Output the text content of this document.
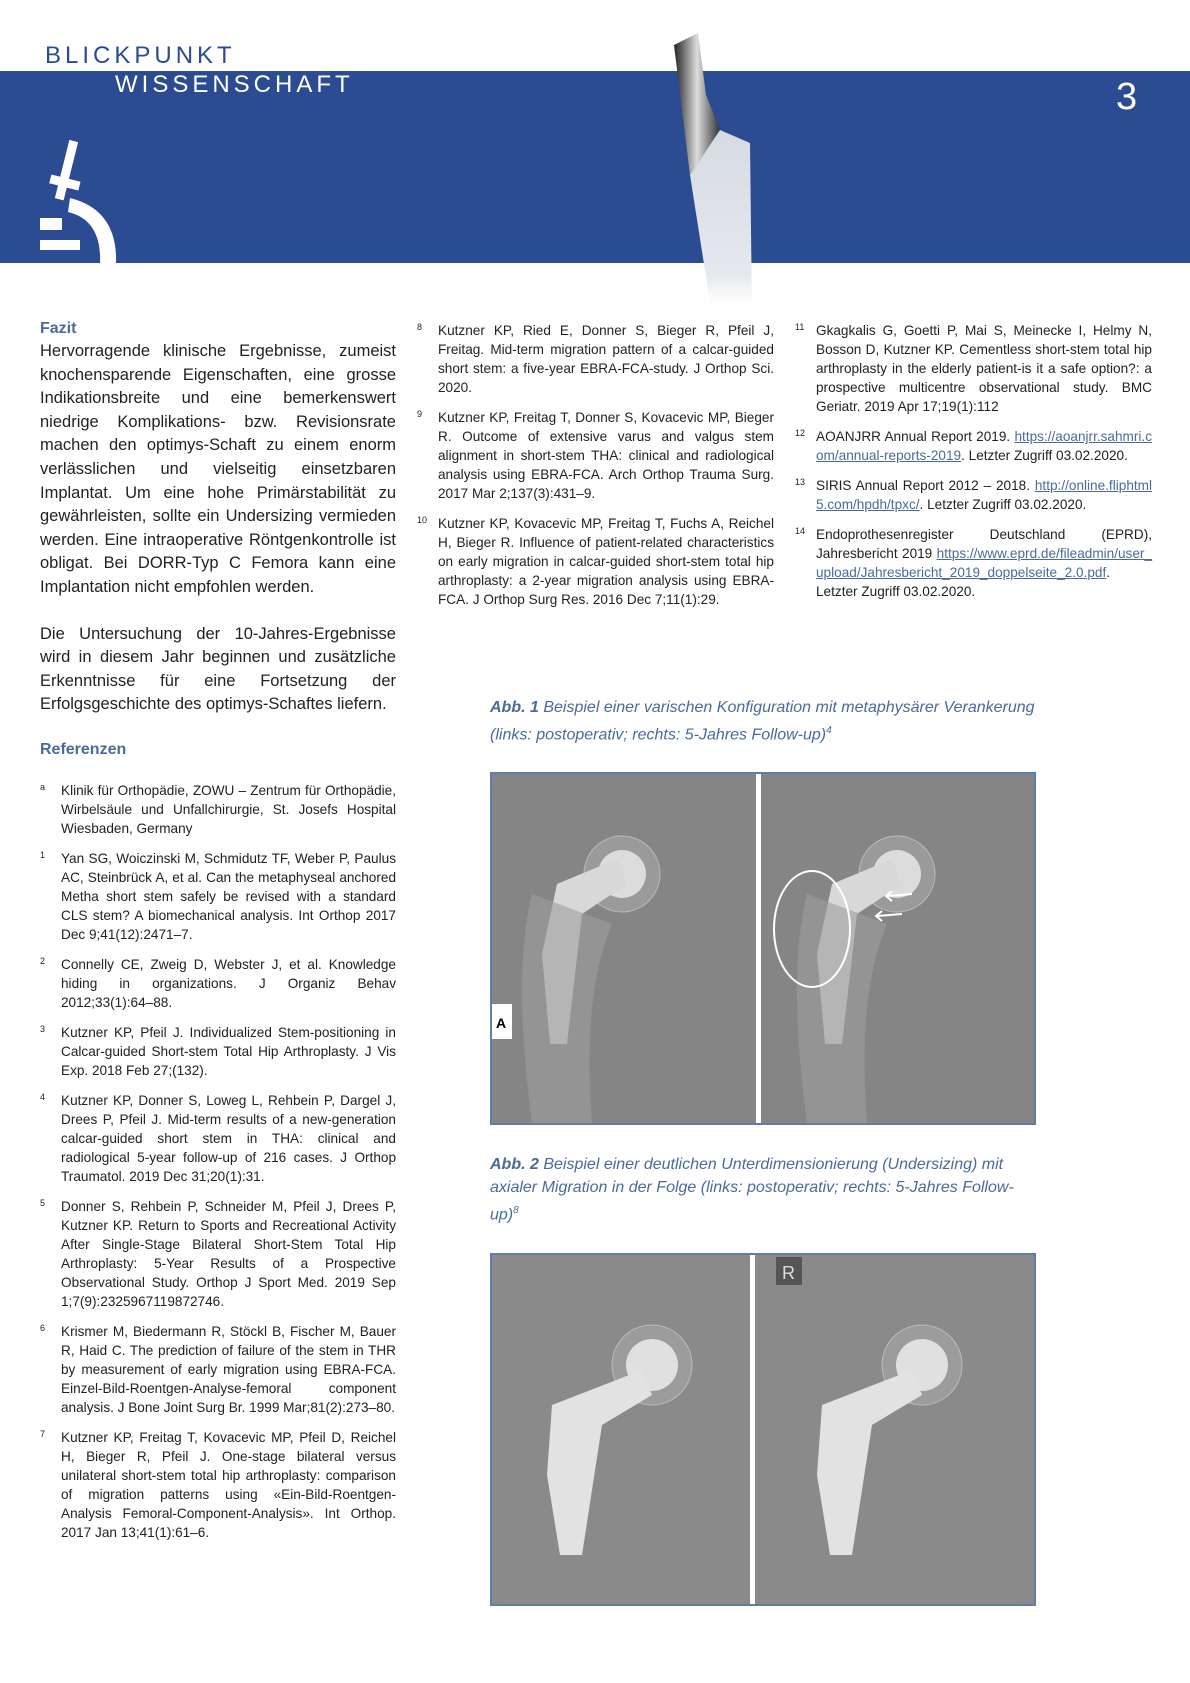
BLICKPUNKT
WISSENSCHAFT	3
Fazit

Hervorragende klinische Ergebnisse, zumeist knochensparende Eigenschaften, eine grosse Indikationsbreite und eine bemerkenswert niedrige Komplikations- bzw. Revisionsrate machen den optimys-Schaft zu einem enorm verlässlichen und vielseitig einsetzbaren Implantat. Um eine hohe Primärstabilität zu gewährleisten, sollte ein Undersizing vermieden werden. Eine intraoperative Röntgenkontrolle ist obligat. Bei DORR-Typ C Femora kann eine Implantation nicht empfohlen werden.

Die Untersuchung der 10-Jahres-Ergebnisse wird in diesem Jahr beginnen und zusätzliche Erkenntnisse für eine Fortsetzung der Erfolgsgeschichte des optimys-Schaftes liefern.

Referenzen
a Klinik für Orthopädie, ZOWU – Zentrum für Orthopädie, Wirbelsäule und Unfallchirurgie, St. Josefs Hospital Wiesbaden, Germany
1 Yan SG, Woiczinski M, Schmidutz TF, Weber P, Paulus AC, Steinbrück A, et al. Can the metaphyseal anchored Metha short stem safely be revised with a standard CLS stem? A biomechanical analysis. Int Orthop 2017 Dec 9;41(12):2471–7.
2 Connelly CE, Zweig D, Webster J, et al. Knowledge hiding in organizations. J Organiz Behav 2012;33(1):64–88.
3 Kutzner KP, Pfeil J. Individualized Stem-positioning in Calcar-guided Short-stem Total Hip Arthroplasty. J Vis Exp. 2018 Feb 27;(132).
4 Kutzner KP, Donner S, Loweg L, Rehbein P, Dargel J, Drees P, Pfeil J. Mid-term results of a new-generation calcar-guided short stem in THA: clinical and radiological 5-year follow-up of 216 cases. J Orthop Traumatol. 2019 Dec 31;20(1):31.
5 Donner S, Rehbein P, Schneider M, Pfeil J, Drees P, Kutzner KP. Return to Sports and Recreational Activity After Single-Stage Bilateral Short-Stem Total Hip Arthroplasty: 5-Year Results of a Prospective Observational Study. Orthop J Sport Med. 2019 Sep 1;7(9):2325967119872746.
6 Krismer M, Biedermann R, Stöckl B, Fischer M, Bauer R, Haid C. The prediction of failure of the stem in THR by measurement of early migration using EBRA-FCA. Einzel-Bild-Roentgen-Analyse-femoral component analysis. J Bone Joint Surg Br. 1999 Mar;81(2):273–80.
7 Kutzner KP, Freitag T, Kovacevic MP, Pfeil D, Reichel H, Bieger R, Pfeil J. One-stage bilateral versus unilateral short-stem total hip arthroplasty: comparison of migration patterns using «Ein-Bild-Roentgen-Analysis Femoral-Component-Analysis». Int Orthop. 2017 Jan 13;41(1):61–6.
8 Kutzner KP, Ried E, Donner S, Bieger R, Pfeil J, Freitag. Mid-term migration pattern of a calcar-guided short stem: a five-year EBRA-FCA-study. J Orthop Sci. 2020.
9 Kutzner KP, Freitag T, Donner S, Kovacevic MP, Bieger R. Outcome of extensive varus and valgus stem alignment in short-stem THA: clinical and radiological analysis using EBRA-FCA. Arch Orthop Trauma Surg. 2017 Mar 2;137(3):431–9.
10 Kutzner KP, Kovacevic MP, Freitag T, Fuchs A, Reichel H, Bieger R. Influence of patient-related characteristics on early migration in calcar-guided short-stem total hip arthroplasty: a 2-year migration analysis using EBRA-FCA. J Orthop Surg Res. 2016 Dec 7;11(1):29.
11 Gkagkalis G, Goetti P, Mai S, Meinecke I, Helmy N, Bosson D, Kutzner KP. Cementless short-stem total hip arthroplasty in the elderly patient-is it a safe option?: a prospective multicentre observational study. BMC Geriatr. 2019 Apr 17;19(1):112
12 AOANJRR Annual Report 2019. https://aoanjrr.sahmri.com/annual-reports-2019. Letzter Zugriff 03.02.2020.
13 SIRIS Annual Report 2012 – 2018. http://online.fliphtml5.com/hpdh/tpxc/. Letzter Zugriff 03.02.2020.
14 Endoprothesenregister Deutschland (EPRD), Jahresbericht 2019 https://www.eprd.de/fileadmin/user_upload/Jahresbericht_2019_doppelseite_2.0.pdf. Letzter Zugriff 03.02.2020.
Abb. 1 Beispiel einer varischen Konfiguration mit metaphysärer Verankerung (links: postoperativ; rechts: 5-Jahres Follow-up)$^4$
A
Abb. 2 Beispiel einer deutlichen Unterdimensionierung (Undersizing) mit axialer Migration in der Folge (links: postoperativ; rechts: 5-Jahres Follow-up)$^8$
R
